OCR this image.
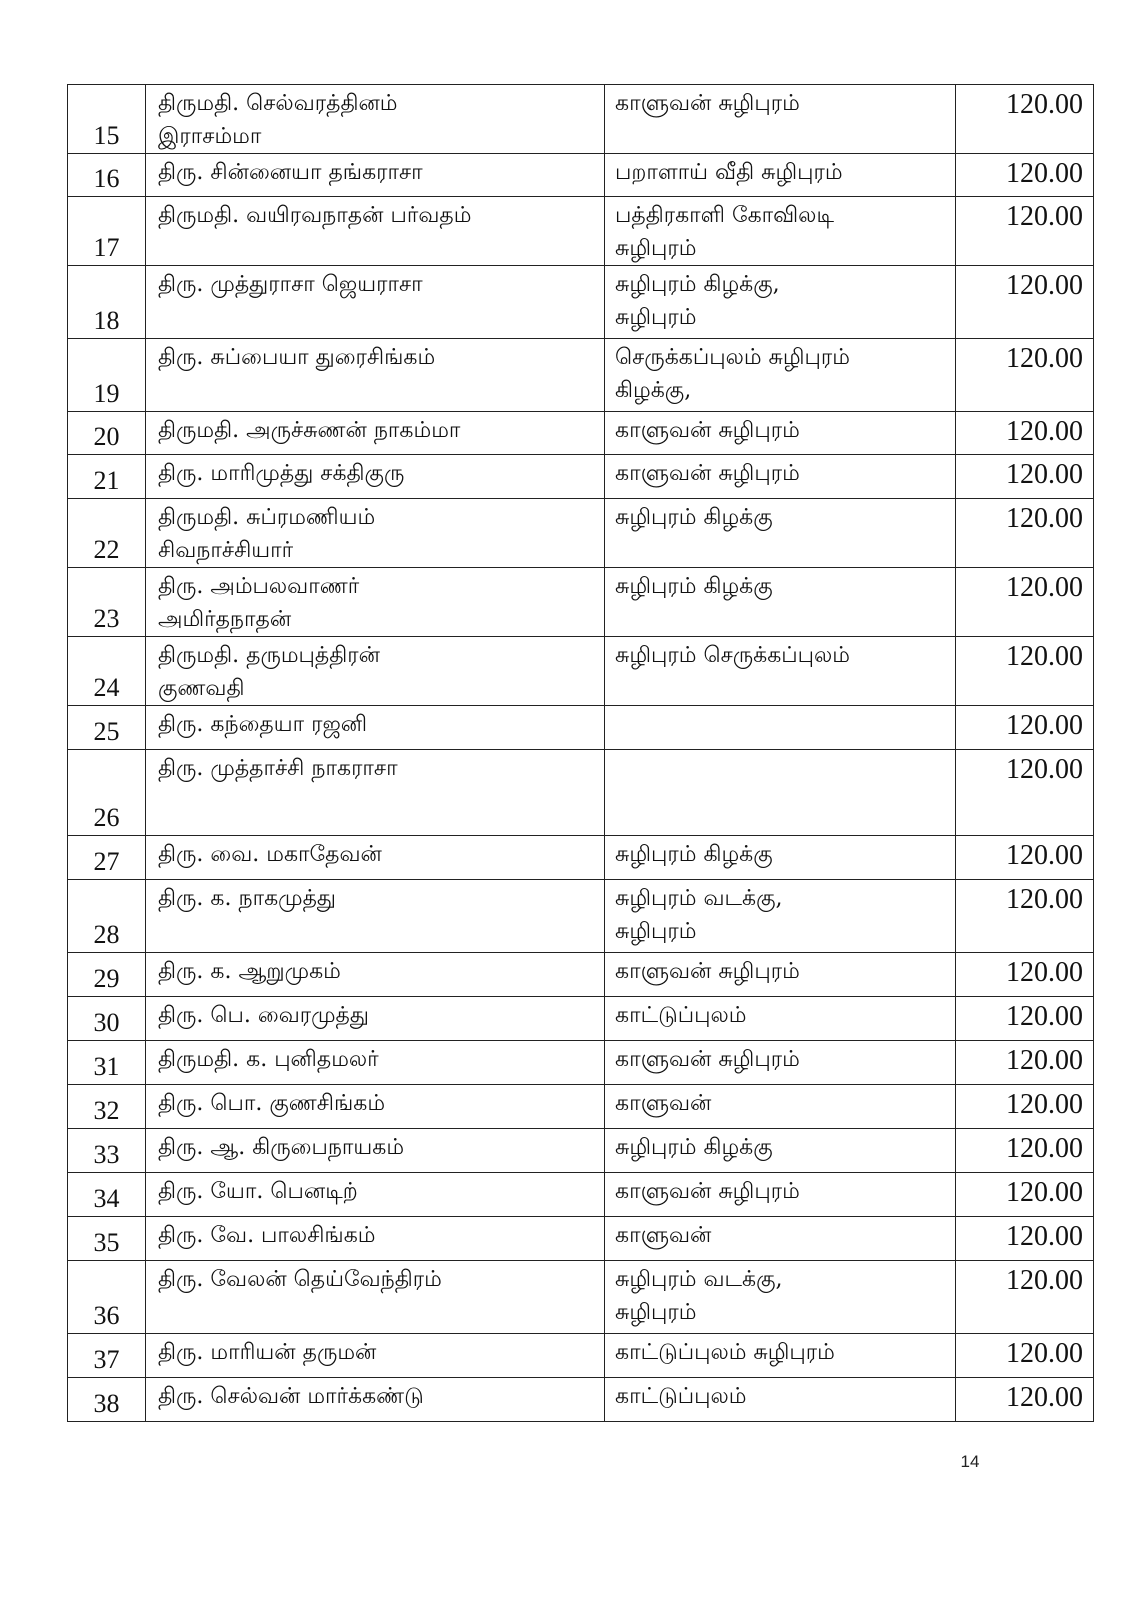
15	திருமதி. செல்வரத்தினம்
இராசம்மா	காளுவன் சுழிபுரம்	120.00

16	திரு. சின்னையா தங்கராசா	பறாளாய் வீதி சுழிபுரம்	120.00

17	திருமதி. வயிரவநாதன் பர்வதம்	பத்திரகாளி கோவிலடி
சுழிபுரம்	120.00

18	திரு. முத்துராசா ஜெயராசா	சுழிபுரம் கிழக்கு,
சுழிபுரம்	120.00

19	திரு. சுப்பையா துரைசிங்கம்	செருக்கப்புலம் சுழிபுரம்
கிழக்கு,	120.00

20	திருமதி. அருச்சுணன் நாகம்மா	காளுவன் சுழிபுரம்	120.00

21	திரு. மாரிமுத்து சக்திகுரு	காளுவன் சுழிபுரம்	120.00

22	திருமதி. சுப்ரமணியம்
சிவநாச்சியார்	சுழிபுரம் கிழக்கு	120.00

23	திரு. அம்பலவாணர்
அமிர்தநாதன்	சுழிபுரம் கிழக்கு	120.00

24	திருமதி. தருமபுத்திரன்
குணவதி	சுழிபுரம் செருக்கப்புலம்	120.00

25	திரு. கந்தையா ரஜனி		120.00

26	திரு. முத்தாச்சி நாகராசா		120.00

27	திரு. வை. மகாதேவன்	சுழிபுரம் கிழக்கு	120.00

28	திரு. க. நாகமுத்து	சுழிபுரம் வடக்கு,
சுழிபுரம்	120.00

29	திரு. க. ஆறுமுகம்	காளுவன் சுழிபுரம்	120.00

30	திரு. பெ. வைரமுத்து	காட்டுப்புலம்	120.00

31	திருமதி. க. புனிதமலர்	காளுவன் சுழிபுரம்	120.00

32	திரு. பொ. குணசிங்கம்	காளுவன்	120.00

33	திரு. ஆ. கிருபைநாயகம்	சுழிபுரம் கிழக்கு	120.00

34	திரு. யோ. பெனடிற்	காளுவன் சுழிபுரம்	120.00

35	திரு. வே. பாலசிங்கம்	காளுவன்	120.00

36	திரு. வேலன் தெய்வேந்திரம்	சுழிபுரம் வடக்கு,
சுழிபுரம்	120.00

37	திரு. மாரியன் தருமன்	காட்டுப்புலம் சுழிபுரம்	120.00

38	திரு. செல்வன் மார்க்கண்டு	காட்டுப்புலம்	120.00
14
